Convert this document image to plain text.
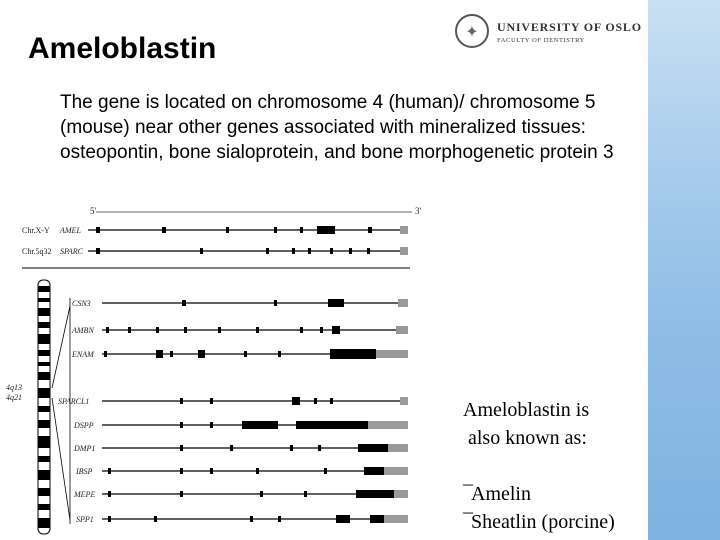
✦	UNIVERSITY OF OSLO
FACULTY OF DENTISTRY
Ameloblastin
The gene is located on chromosome 4 (human)/ chromosome 5 (mouse) near other genes associated with mineralized tissues: osteopontin, bone sialoprotein, and bone morphogenetic protein 3
5'	3'
Chr.X-Y AMEL
Chr.5q32 SPARC
4q13
4q21
CSN3
AMBN
ENAM
SPARCL1
DSPP
DMP1
IBSP
MEPE
SPP1
Ameloblastin is
also known as:
¯Amelin
¯Sheatlin (porcine)
